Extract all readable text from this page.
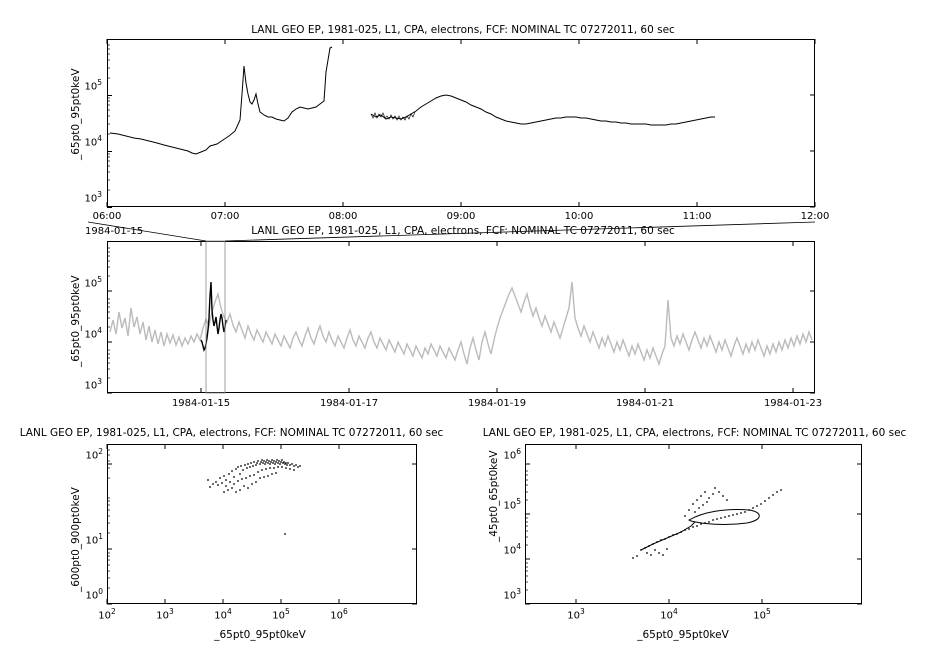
LANL GEO EP, 1981-025, L1, CPA, electrons, FCF: NOMINAL TC 07272011, 60 sec
_65pt0_95pt0keV
$10^3$
$10^4$
$10^5$
06:00	07:00	08:00	09:00	10:00	11:00	12:00
1984-01-15	LANL GEO EP, 1981-025, L1, CPA, electrons, FCF: NOMINAL TC 07272011, 60 sec
_65pt0_95pt0keV
$10^3$
$10^4$
$10^5$
1984-01-15	1984-01-17	1984-01-19	1984-01-21	1984-01-23
LANL GEO EP, 1981-025, L1, CPA, electrons, FCF: NOMINAL TC 07272011, 60 sec
_600pt0_900pt0keV
_65pt0_95pt0keV
$10^0$
$10^1$
$10^2$
$10^2$	$10^3$	$10^4$	$10^5$	$10^6$
LANL GEO EP, 1981-025, L1, CPA, electrons, FCF: NOMINAL TC 07272011, 60 sec
_45pt0_65pt0keV
_65pt0_95pt0keV
$10^3$
$10^4$
$10^5$
$10^6$
$10^3$	$10^4$	$10^5$
